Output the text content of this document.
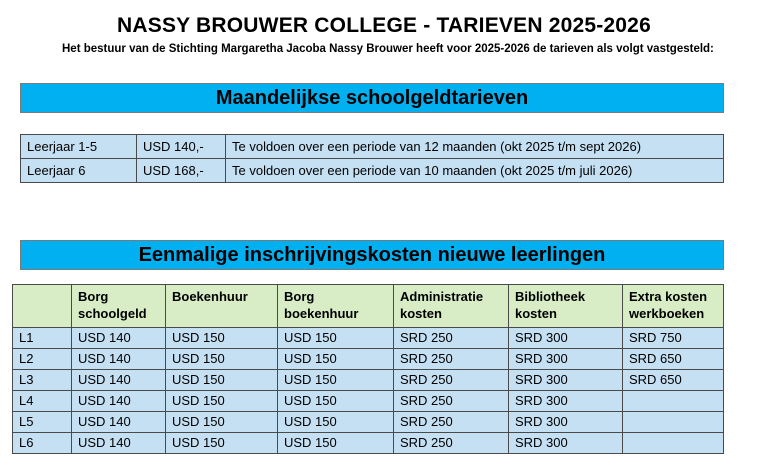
NASSY BROUWER COLLEGE - TARIEVEN 2025-2026
Het bestuur van de Stichting Margaretha Jacoba Nassy Brouwer heeft voor 2025-2026 de tarieven als volgt vastgesteld:
Maandelijkse schoolgeldtarieven
Leerjaar 1-5	USD 140,-	Te voldoen over een periode van 12 maanden (okt 2025 t/m sept 2026)
Leerjaar 6	USD 168,-	Te voldoen over een periode van 10 maanden (okt 2025 t/m juli 2026)
Eenmalige inschrijvingskosten nieuwe leerlingen
	Borg schoolgeld	Boekenhuur	Borg boekenhuur	Administratie kosten	Bibliotheek kosten	Extra kosten werkboeken
L1	USD 140	USD 150	USD 150	SRD 250	SRD 300	SRD 750
L2	USD 140	USD 150	USD 150	SRD 250	SRD 300	SRD 650
L3	USD 140	USD 150	USD 150	SRD 250	SRD 300	SRD 650
L4	USD 140	USD 150	USD 150	SRD 250	SRD 300	
L5	USD 140	USD 150	USD 150	SRD 250	SRD 300	
L6	USD 140	USD 150	USD 150	SRD 250	SRD 300	
